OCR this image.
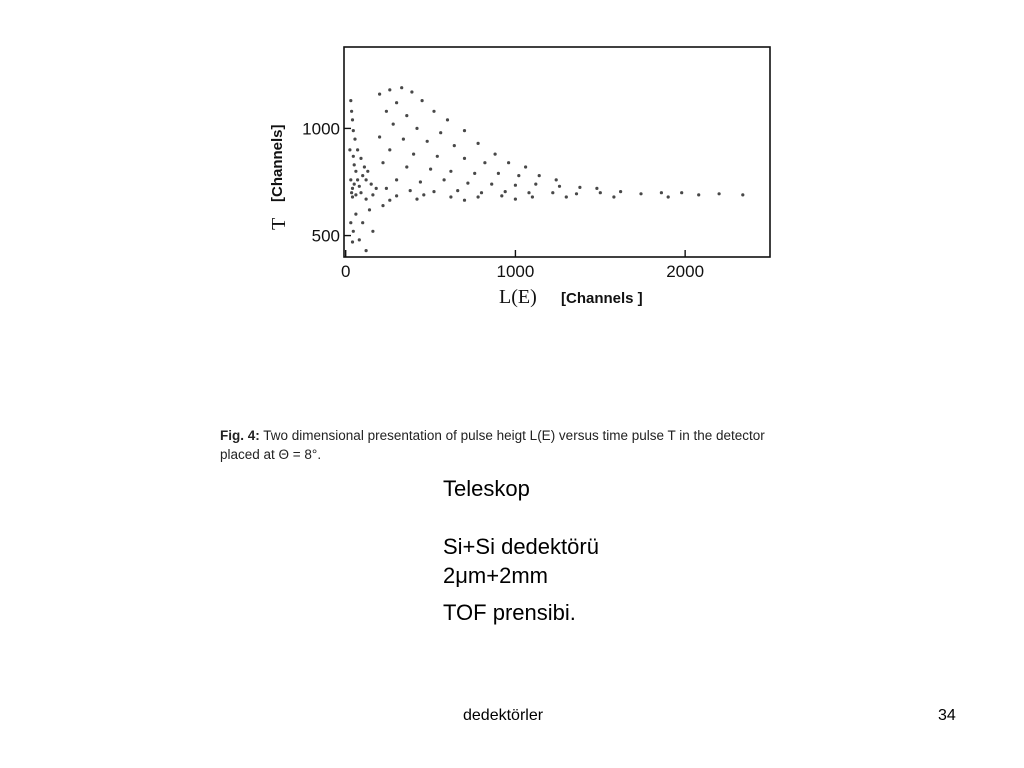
0	1000	2000
500
1000
L(E) [Channels ]
T
[Channels]
Fig. 4: Two dimensional presentation of pulse heigt L(E) versus time pulse T in the detector
placed at Θ = 8°.

Teleskop

Si+Si dedektörü

2μm+2mm

TOF prensibi.

dedektörler	34
